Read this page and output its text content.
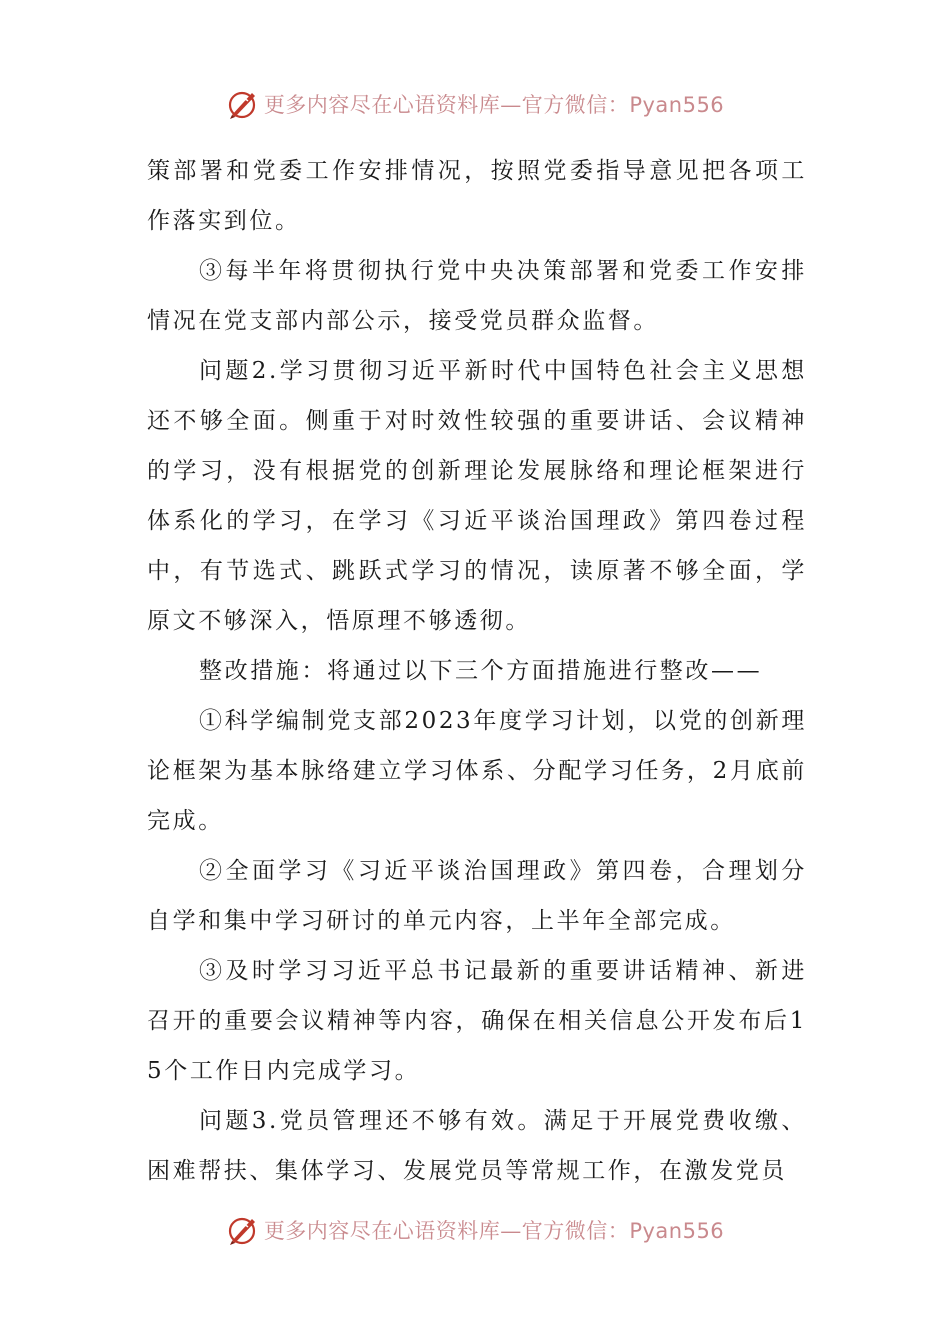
更多内容尽在心语资料库—官方微信：Pyan556

策部署和党委工作安排情况，按照党委指导意见把各项工作落实到位。

③每半年将贯彻执行党中央决策部署和党委工作安排情况在党支部内部公示，接受党员群众监督。

问题2.学习贯彻习近平新时代中国特色社会主义思想还不够全面。侧重于对时效性较强的重要讲话、会议精神的学习，没有根据党的创新理论发展脉络和理论框架进行体系化的学习，在学习《习近平谈治国理政》第四卷过程中，有节选式、跳跃式学习的情况，读原著不够全面，学原文不够深入，悟原理不够透彻。

整改措施：将通过以下三个方面措施进行整改——

①科学编制党支部2023年度学习计划，以党的创新理论框架为基本脉络建立学习体系、分配学习任务，2月底前完成。

②全面学习《习近平谈治国理政》第四卷，合理划分自学和集中学习研讨的单元内容，上半年全部完成。

③及时学习习近平总书记最新的重要讲话精神、新进召开的重要会议精神等内容，确保在相关信息公开发布后15个工作日内完成学习。

问题3.党员管理还不够有效。满足于开展党费收缴、困难帮扶、集体学习、发展党员等常规工作，在激发党员

更多内容尽在心语资料库—官方微信：Pyan556
